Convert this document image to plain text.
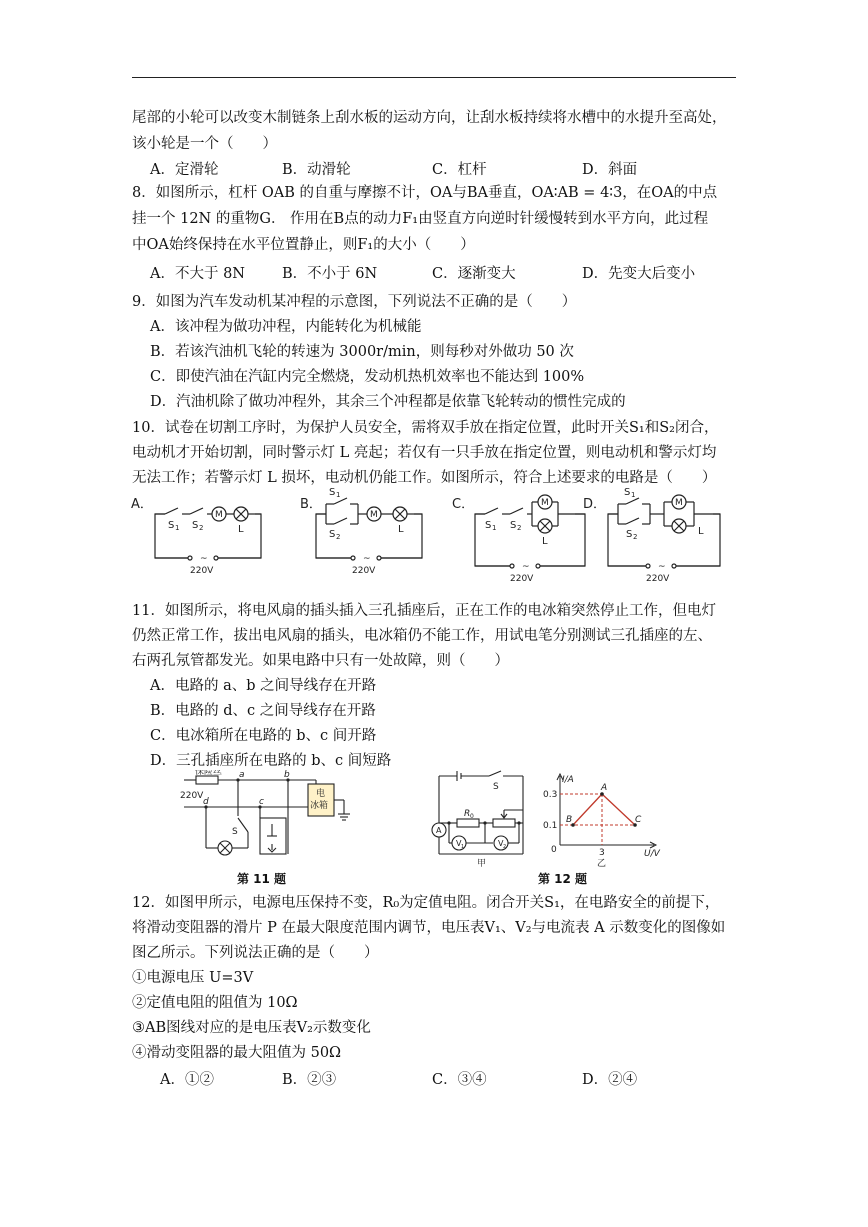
尾部的小轮可以改变木制链条上刮水板的运动方向，让刮水板持续将水槽中的水提升至高处，
该小轮是一个（　　）
A．定滑轮	B．动滑轮	C．杠杆	D．斜面
8．如图所示，杠杆 OAB 的自重与摩擦不计，OA与BA垂直，OA∶AB = 4∶3，在OA的中点
挂一个 12N 的重物G． 作用在B点的动力F₁由竖直方向逆时针缓慢转到水平方向，此过程
中OA始终保持在水平位置静止，则F₁的大小（　　）
A．不大于 8N	B．不小于 6N	C．逐渐变大	D．先变大后变小
9．如图为汽车发动机某冲程的示意图，下列说法不正确的是（　　）
A．该冲程为做功冲程，内能转化为机械能
B．若该汽油机飞轮的转速为 3000r/min，则每秒对外做功 50 次
C．即使汽油在汽缸内完全燃烧，发动机热机效率也不能达到 100%
D．汽油机除了做功冲程外，其余三个冲程都是依靠飞轮转动的惯性完成的
10．试卷在切割工序时，为保护人员安全，需将双手放在指定位置，此时开关S₁和S₂闭合，
电动机才开始切割，同时警示灯 L 亮起；若仅有一只手放在指定位置，则电动机和警示灯均
无法工作；若警示灯 L 损坏，电动机仍能工作。如图所示，符合上述要求的电路是（　　）
A．	B．	C．	D．
S 1 S 2
M
L
~
220V
S 1
S 2
M
L
~
220V
S 1 S 2
M
L
~
220V
S 1
S 2
M
L
~
220V
11．如图所示，将电风扇的插头插入三孔插座后，正在工作的电冰箱突然停止工作，但电灯
仍然正常工作，拔出电风扇的插头，电冰箱仍不能工作，用试电笔分别测试三孔插座的左、
右两孔氖管都发光。如果电路中只有一处故障，则（　　）
A．电路的 a、b 之间导线存在开路
B．电路的 d、c 之间导线存在开路
C．电冰箱所在电路的 b、c 间开路
D．三孔插座所在电路的 b、c 间短路
保险丝
220V
a	b
c
d
S
电
冰箱
第 11 题
S
R 0
A
V 1	V 2
甲
I/A
U/V
0
0.3
0.1
3
A
B	C
乙
第 12 题
12．如图甲所示，电源电压保持不变，R₀为定值电阻。闭合开关S₁，在电路安全的前提下，
将滑动变阻器的滑片 P 在最大限度范围内调节，电压表V₁、V₂与电流表 A 示数变化的图像如
图乙所示。下列说法正确的是（　　）
①电源电压 U=3V
②定值电阻的阻值为 10Ω
③AB图线对应的是电压表V₂示数变化
④滑动变阻器的最大阻值为 50Ω
A．①②	B．②③	C．③④	D．②④
